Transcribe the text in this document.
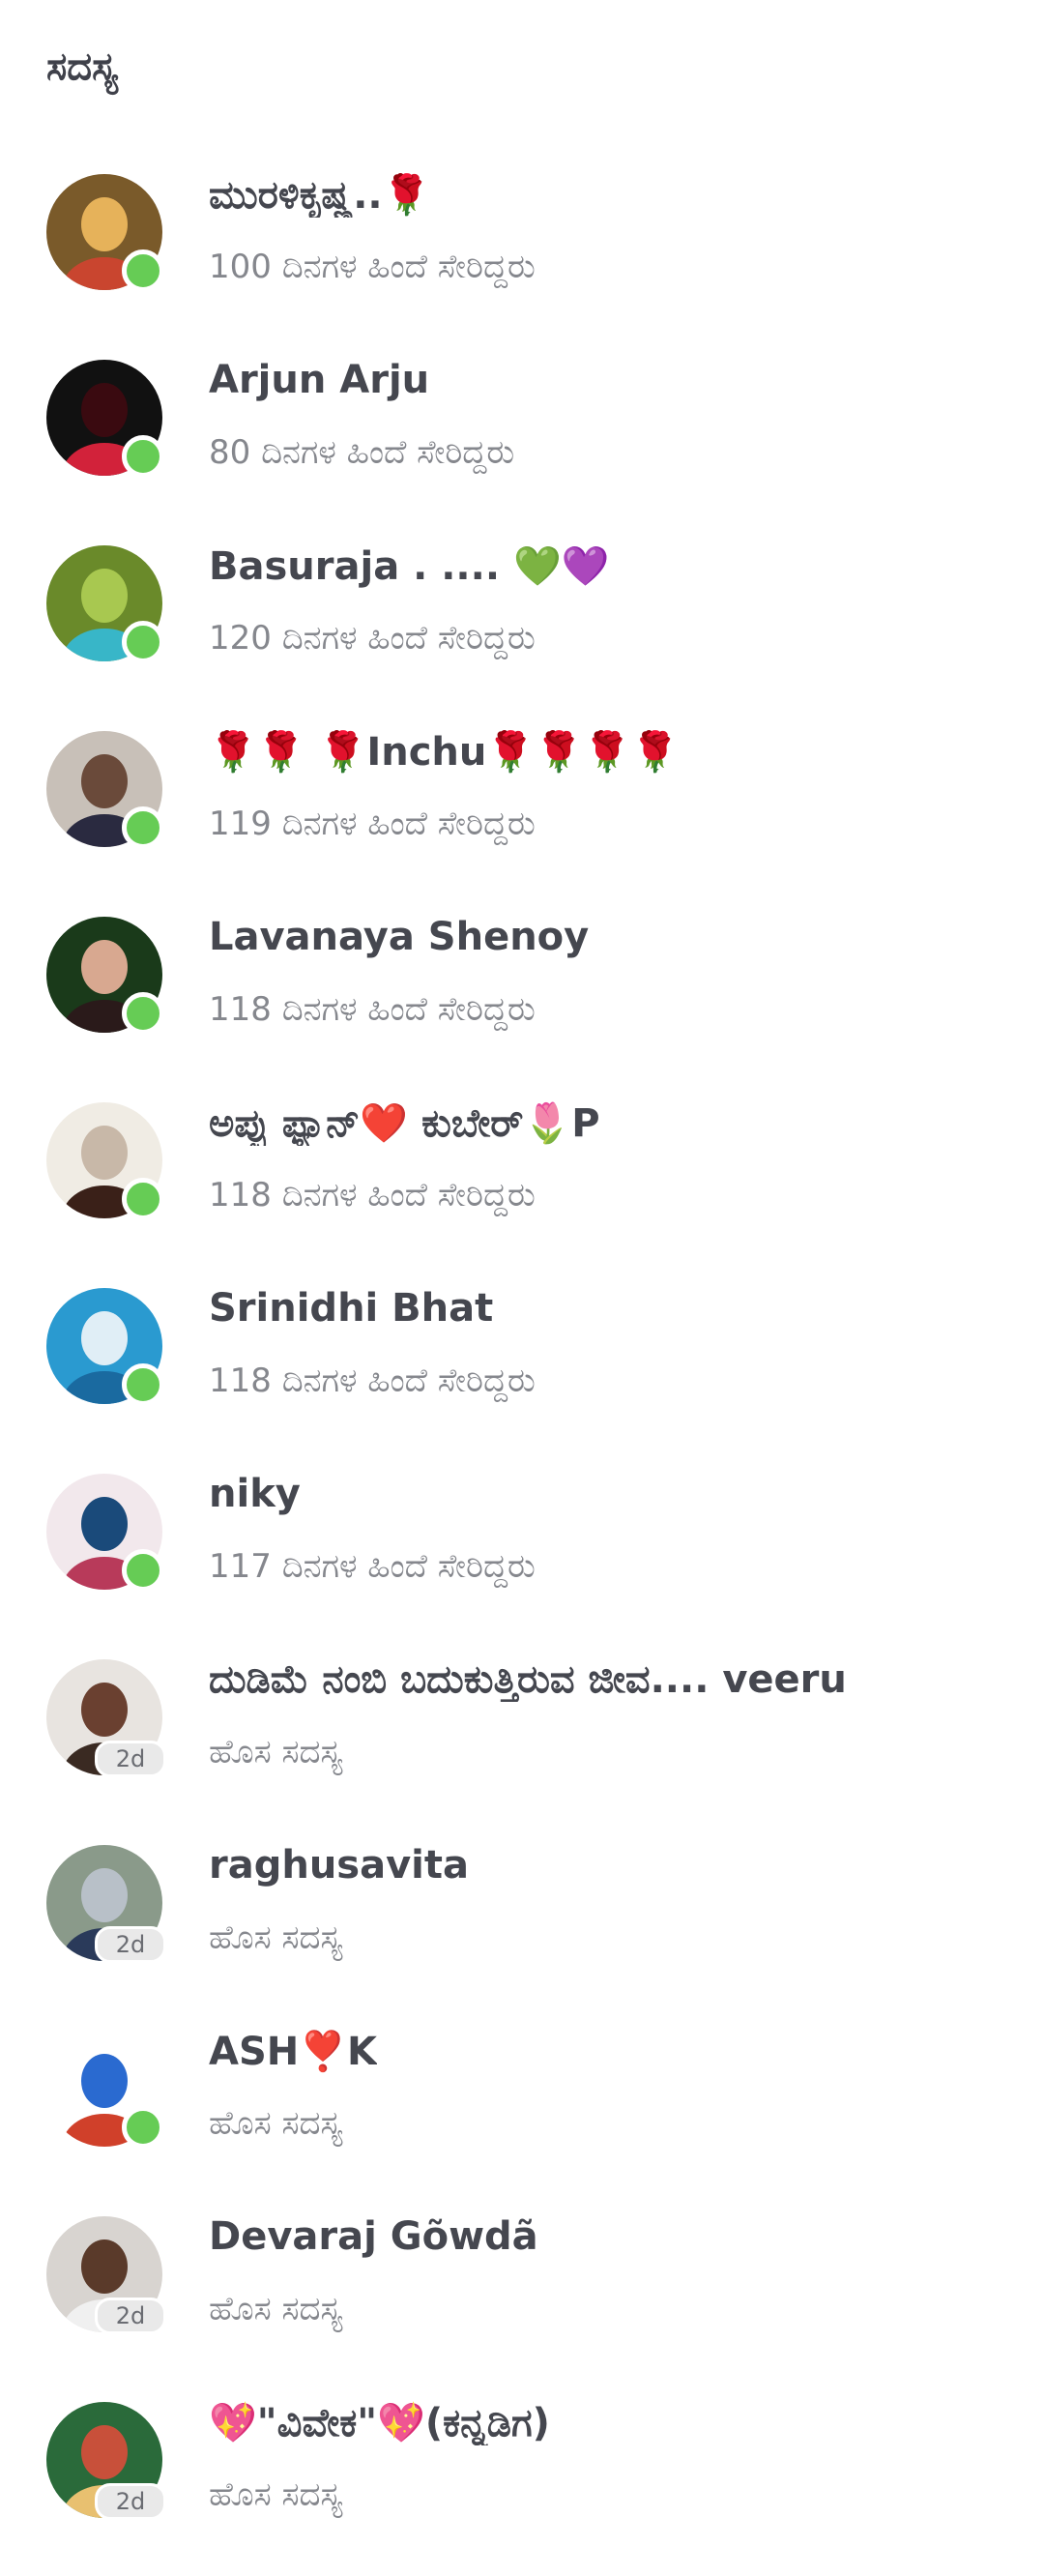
ಸದಸ್ಯ
ಮುರಳಿಕೃಷ್ಣ..🌹
100 ದಿನಗಳ ಹಿಂದೆ ಸೇರಿದ್ದರು
Arjun Arju
80 ದಿನಗಳ ಹಿಂದೆ ಸೇರಿದ್ದರು
Basuraja . .... 💚💜
120 ದಿನಗಳ ಹಿಂದೆ ಸೇರಿದ್ದರು
🌹🌹 🌹Inchu🌹🌹🌹🌹
119 ದಿನಗಳ ಹಿಂದೆ ಸೇರಿದ್ದರು
Lavanaya Shenoy
118 ದಿನಗಳ ಹಿಂದೆ ಸೇರಿದ್ದರು
ಅಪ್ಪು ಫ್ಯಾನ್❤️ ಕುಬೇರ್🌷P
118 ದಿನಗಳ ಹಿಂದೆ ಸೇರಿದ್ದರು
Srinidhi Bhat
118 ದಿನಗಳ ಹಿಂದೆ ಸೇರಿದ್ದರು
niky
117 ದಿನಗಳ ಹಿಂದೆ ಸೇರಿದ್ದರು
2d
ದುಡಿಮೆ ನಂಬಿ ಬದುಕುತ್ತಿರುವ ಜೀವ.... veeru
ಹೊಸ ಸದಸ್ಯ
2d
raghusavita
ಹೊಸ ಸದಸ್ಯ
ASH❣️K
ಹೊಸ ಸದಸ್ಯ
2d
Devaraj Gõwdã
ಹೊಸ ಸದಸ್ಯ
2d
💖"ವಿವೇಕ"💖(ಕನ್ನಡಿಗ)
ಹೊಸ ಸದಸ್ಯ
